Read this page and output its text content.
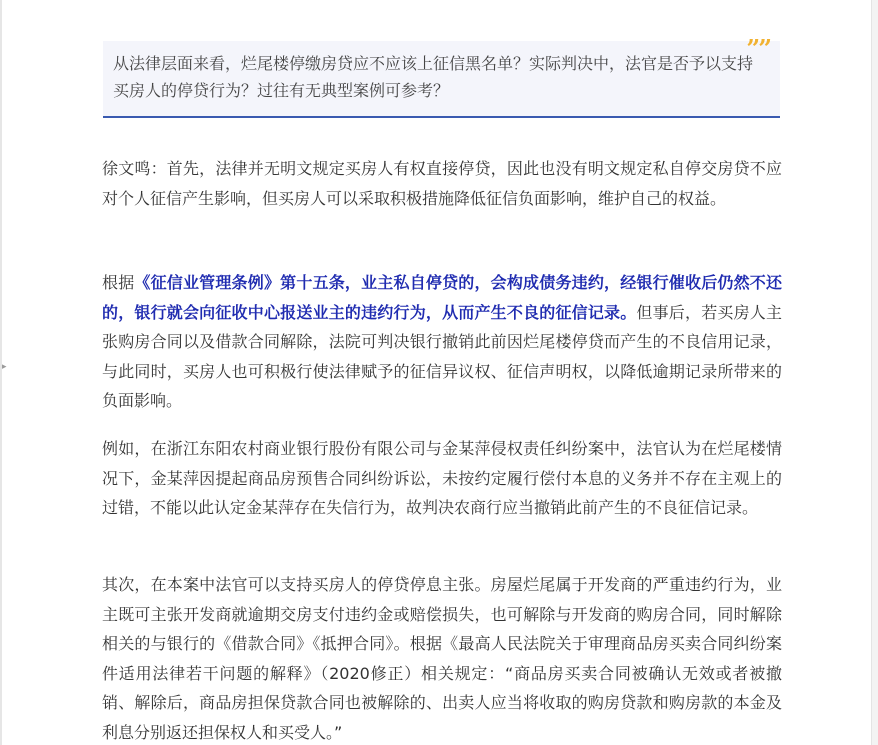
▸
””

从法律层面来看，烂尾楼停缴房贷应不应该上征信黑名单？实际判决中，法官是否予以支持买房人的停贷行为？过往有无典型案例可参考？

徐文鸣：首先，法律并无明文规定买房人有权直接停贷，因此也没有明文规定私自停交房贷不应对个人征信产生影响，但买房人可以采取积极措施降低征信负面影响，维护自己的权益。

根据《征信业管理条例》第十五条，业主私自停贷的，会构成债务违约，经银行催收后仍然不还的，银行就会向征收中心报送业主的违约行为，从而产生不良的征信记录。但事后，若买房人主张购房合同以及借款合同解除，法院可判决银行撤销此前因烂尾楼停贷而产生的不良信用记录，与此同时，买房人也可积极行使法律赋予的征信异议权、征信声明权，以降低逾期记录所带来的负面影响。

例如，在浙江东阳农村商业银行股份有限公司与金某萍侵权责任纠纷案中，法官认为在烂尾楼情况下，金某萍因提起商品房预售合同纠纷诉讼，未按约定履行偿付本息的义务并不存在主观上的过错，不能以此认定金某萍存在失信行为，故判决农商行应当撤销此前产生的不良征信记录。

其次，在本案中法官可以支持买房人的停贷停息主张。房屋烂尾属于开发商的严重违约行为，业主既可主张开发商就逾期交房支付违约金或赔偿损失，也可解除与开发商的购房合同，同时解除相关的与银行的《借款合同》《抵押合同》。根据《最高人民法院关于审理商品房买卖合同纠纷案件适用法律若干问题的解释》（2020修正）相关规定：“商品房买卖合同被确认无效或者被撤销、解除后，商品房担保贷款合同也被解除的、出卖人应当将收取的购房贷款和购房款的本金及利息分别返还担保权人和买受人。”
